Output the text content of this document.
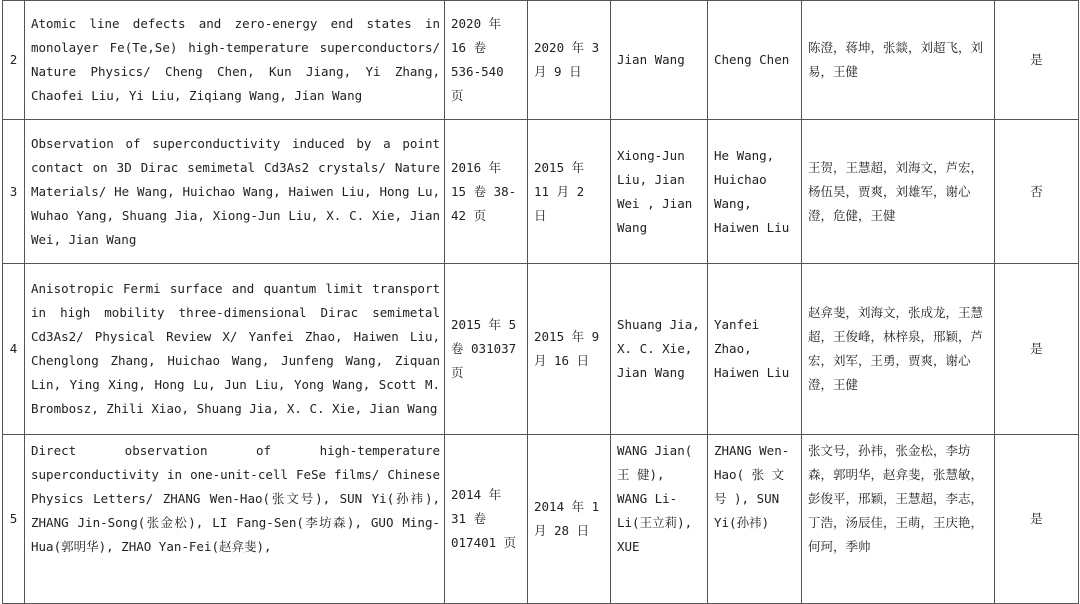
2	Atomic line defects and zero-energy end states in monolayer Fe(Te,Se) high-temperature superconductors/ Nature Physics/ Cheng Chen, Kun Jiang, Yi Zhang, Chaofei Liu, Yi Liu, Ziqiang Wang, Jian Wang	2020 年 16 卷 536-540 页	2020 年 3 月 9 日	Jian Wang	Cheng Chen	陈澄，蒋坤，张燚，刘超飞，刘易，王健	是
3	Observation of superconductivity induced by a point contact on 3D Dirac semimetal Cd3As2 crystals/ Nature Materials/ He Wang, Huichao Wang, Haiwen Liu, Hong Lu, Wuhao Yang, Shuang Jia, Xiong-Jun Liu, X. C. Xie, Jian Wei, Jian Wang	2016 年 15 卷 38-42 页	2015 年 11 月 2 日	Xiong-Jun Liu, Jian Wei , Jian Wang	He Wang, Huichao Wang, Haiwen Liu	王贺，王慧超，刘海文，芦宏，杨伍昊，贾爽，刘雄军，谢心澄，危健，王健	否
4	Anisotropic Fermi surface and quantum limit transport in high mobility three-dimensional Dirac semimetal Cd3As2/ Physical Review X/ Yanfei Zhao, Haiwen Liu, Chenglong Zhang, Huichao Wang, Junfeng Wang, Ziquan Lin, Ying Xing, Hong Lu, Jun Liu, Yong Wang, Scott M. Brombosz, Zhili Xiao, Shuang Jia, X. C. Xie, Jian Wang	2015 年 5 卷 031037 页	2015 年 9 月 16 日	Shuang Jia, X. C. Xie, Jian Wang	Yanfei Zhao, Haiwen Liu	赵弇斐，刘海文，张成龙，王慧超，王俊峰，林梓泉，邢颖，芦宏，刘军，王勇，贾爽，谢心澄，王健	是
5	Direct observation of high-temperature superconductivity in one-unit-cell FeSe films/ Chinese Physics Letters/ ZHANG Wen-Hao(张文号), SUN Yi(孙祎), ZHANG Jin-Song(张金松), LI Fang-Sen(李坊森), GUO Ming-Hua(郭明华), ZHAO Yan-Fei(赵弇斐),	2014 年 31 卷 017401 页	2014 年 1 月 28 日	WANG Jian( 王 健), WANG Li-Li(王立莉), XUE	ZHANG Wen-Hao( 张 文 号 ), SUN Yi(孙祎)	张文号，孙祎，张金松，李坊森，郭明华，赵弇斐，张慧敏，彭俊平，邢颖，王慧超，李志，丁浩，汤辰佳，王萌，王庆艳，何珂，季帅	是
